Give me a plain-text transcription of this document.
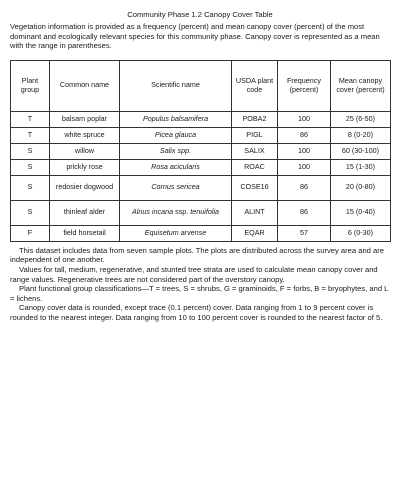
Community Phase 1.2 Canopy Cover Table
Vegetation information is provided as a frequency (percent) and mean canopy cover (percent) of the most dominant and ecologically relevant species for this community phase. Canopy cover is represented as a mean with the range in parentheses.
Plant group	Common name	Scientific name	USDA plant code	Frequency (percent)	Mean canopy cover (percent)
T	balsam poplar	Populus balsamifera	POBA2	100	25 (6-50)
T	white spruce	Picea glauca	PIGL	86	8 (0-20)
S	willow	Salix spp.	SALIX	100	60 (30-100)
S	prickly rose	Rosa acicularis	ROAC	100	15 (1-30)
S	redosier dogwood	Cornus sericea	COSE16	86	20 (0-80)
S	thinleaf alder	Alnus incana ssp. tenuifolia	ALINT	86	15 (0-40)
F	field horsetail	Equisetum arvense	EQAR	57	6 (0-30)

This dataset includes data from seven sample plots. The plots are distributed across the survey area and are independent of one another.

Values for tall, medium, regenerative, and stunted tree strata are used to calculate mean canopy cover and range values. Regenerative trees are not considered part of the overstory canopy.

Plant functional group classifications—T = trees, S = shrubs, G = graminoids, F = forbs, B = bryophytes, and L = lichens.

Canopy cover data is rounded, except trace (0.1 percent) cover. Data ranging from 1 to 9 percent cover is rounded to the nearest integer. Data ranging from 10 to 100 percent cover is rounded to the nearest factor of 5.
